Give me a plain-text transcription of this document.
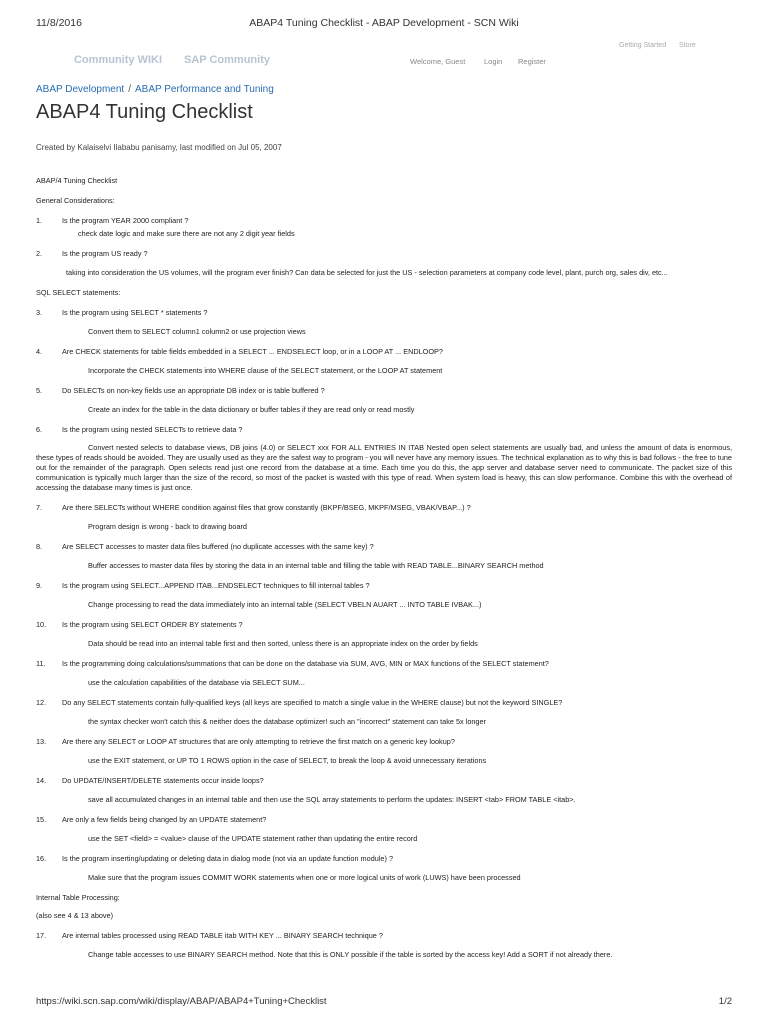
11/8/2016	ABAP4 Tuning Checklist - ABAP Development - SCN Wiki
Community WIKI SAP Community
Getting Started Store
Welcome, Guest Login Register
ABAP Development / ABAP Performance and Tuning
ABAP4 Tuning Checklist
Created by Kalaiselvi Ilababu panisamy, last modified on Jul 05, 2007

ABAP/4 Tuning Checklist

General Considerations:

1.	Is the program YEAR 2000 compliant ?

check date logic and make sure there are not any 2 digit year fields

2.	Is the program US ready ?

taking into consideration the US volumes, will the program ever finish? Can data be selected for just the US - selection parameters at company code level, plant, purch org, sales div, etc...

SQL SELECT statements:

3.	Is the program using SELECT * statements ?

Convert them to SELECT column1 column2 or use projection views

4.	Are CHECK statements for table fields embedded in a SELECT ... ENDSELECT loop, or in a LOOP AT ... ENDLOOP?

Incorporate the CHECK statements into WHERE clause of the SELECT statement, or the LOOP AT statement

5.	Do SELECTs on non-key fields use an appropriate DB index or is table buffered ?

Create an index for the table in the data dictionary or buffer tables if they are read only or read mostly

6.	Is the program using nested SELECTs to retrieve data ?

Convert nested selects to database views, DB joins (4.0) or SELECT xxx FOR ALL ENTRIES IN ITAB Nested open select statements are usually bad, and unless the amount of data is enormous, these types of reads should be avoided. They are usually used as they are the safest way to program - you will never have any memory issues. The technical explanation as to why this is bad follows - the free to tune out for the remainder of the paragraph. Open selects read just one record from the database at a time. Each time you do this, the app server and database server need to communicate. The packet size of this communication is typically much larger than the size of the record, so most of the packet is wasted with this type of read. When system load is heavy, this can slow performance. Combine this with the overhead of accessing the database many times is just once.

7.	Are there SELECTs without WHERE condition against files that grow constantly (BKPF/BSEG, MKPF/MSEG, VBAK/VBAP...) ?

Program design is wrong - back to drawing board

8.	Are SELECT accesses to master data files buffered (no duplicate accesses with the same key) ?

Buffer accesses to master data files by storing the data in an internal table and filling the table with READ TABLE...BINARY SEARCH method

9.	Is the program using SELECT...APPEND ITAB...ENDSELECT techniques to fill internal tables ?

Change processing to read the data immediately into an internal table (SELECT VBELN AUART ... INTO TABLE IVBAK...)

10. Is the program using SELECT ORDER BY statements ?

Data should be read into an internal table first and then sorted, unless there is an appropriate index on the order by fields

11. Is the programming doing calculations/summations that can be done on the database via SUM, AVG, MIN or MAX functions of the SELECT statement?

use the calculation capabilities of the database via SELECT SUM...

12. Do any SELECT statements contain fully-qualified keys (all keys are specified to match a single value in the WHERE clause) but not the keyword SINGLE?

the syntax checker won't catch this & neither does the database optimizer! such an "incorrect" statement can take 5x longer

13. Are there any SELECT or LOOP AT structures that are only attempting to retrieve the first match on a generic key lookup?

use the EXIT statement, or UP TO 1 ROWS option in the case of SELECT, to break the loop & avoid unnecessary iterations

14. Do UPDATE/INSERT/DELETE statements occur inside loops?

save all accumulated changes in an internal table and then use the SQL array statements to perform the updates: INSERT <tab> FROM TABLE <itab>.

15. Are only a few fields being changed by an UPDATE statement?

use the SET <field> = <value> clause of the UPDATE statement rather than updating the entire record

16. Is the program inserting/updating or deleting data in dialog mode (not via an update function module) ?

Make sure that the program issues COMMIT WORK statements when one or more logical units of work (LUWS) have been processed

Internal Table Processing:

(also see 4 & 13 above)

17. Are internal tables processed using READ TABLE itab WITH KEY ... BINARY SEARCH technique ?

Change table accesses to use BINARY SEARCH method. Note that this is ONLY possible if the table is sorted by the access key! Add a SORT if not already there.

https://wiki.scn.sap.com/wiki/display/ABAP/ABAP4+Tuning+Checklist	1/2
